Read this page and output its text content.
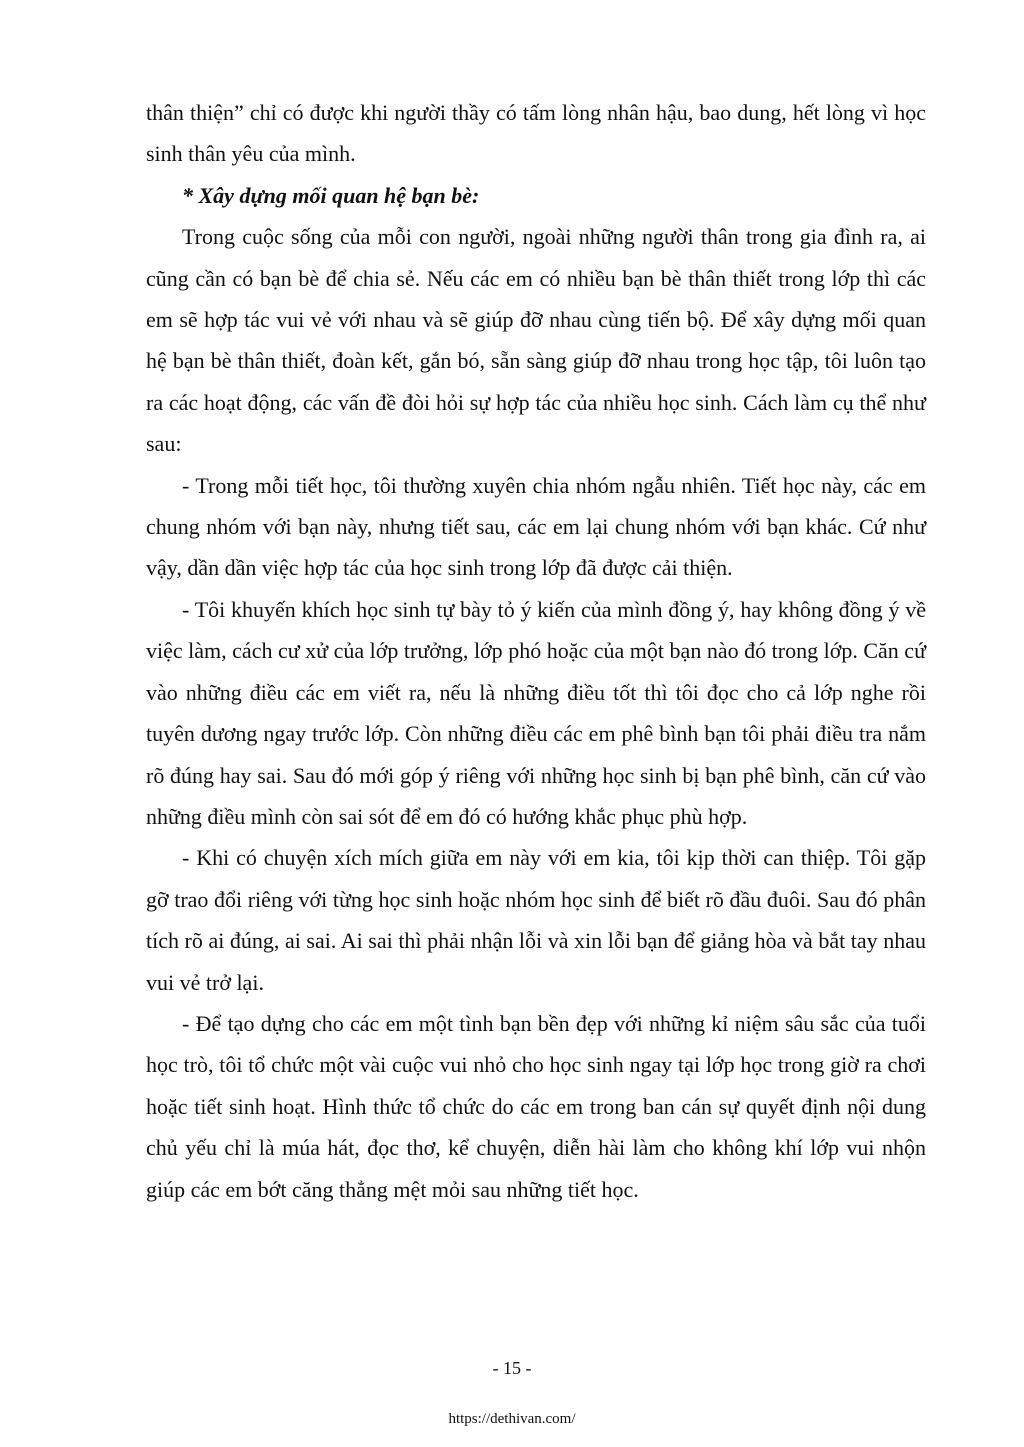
thân thiện” chỉ có được khi người thầy có tấm lòng nhân hậu, bao dung, hết lòng vì học sinh thân yêu của mình.

* Xây dựng mối quan hệ bạn bè:

Trong cuộc sống của mỗi con người, ngoài những người thân trong gia đình ra, ai cũng cần có bạn bè để chia sẻ. Nếu các em có nhiều bạn bè thân thiết trong lớp thì các em sẽ hợp tác vui vẻ với nhau và sẽ giúp đỡ nhau cùng tiến bộ. Để xây dựng mối quan hệ bạn bè thân thiết, đoàn kết, gắn bó, sẵn sàng giúp đỡ nhau trong học tập, tôi luôn tạo ra các hoạt động, các vấn đề đòi hỏi sự hợp tác của nhiều học sinh. Cách làm cụ thể như sau:

- Trong mỗi tiết học, tôi thường xuyên chia nhóm ngẫu nhiên. Tiết học này, các em chung nhóm với bạn này, nhưng tiết sau, các em lại chung nhóm với bạn khác. Cứ như vậy, dần dần việc hợp tác của học sinh trong lớp đã được cải thiện.

- Tôi khuyến khích học sinh tự bày tỏ ý kiến của mình đồng ý, hay không đồng ý về việc làm, cách cư xử của lớp trưởng, lớp phó hoặc của một bạn nào đó trong lớp. Căn cứ vào những điều các em viết ra, nếu là những điều tốt thì tôi đọc cho cả lớp nghe rồi tuyên dương ngay trước lớp. Còn những điều các em phê bình bạn tôi phải điều tra nắm rõ đúng hay sai. Sau đó mới góp ý riêng với những học sinh bị bạn phê bình, căn cứ vào những điều mình còn sai sót để em đó có hướng khắc phục phù hợp.

- Khi có chuyện xích mích giữa em này với em kia, tôi kịp thời can thiệp. Tôi gặp gỡ trao đổi riêng với từng học sinh hoặc nhóm học sinh để biết rõ đầu đuôi. Sau đó phân tích rõ ai đúng, ai sai. Ai sai thì phải nhận lỗi và xin lỗi bạn để giảng hòa và bắt tay nhau vui vẻ trở lại.

- Để tạo dựng cho các em một tình bạn bền đẹp với những kỉ niệm sâu sắc của tuổi học trò, tôi tổ chức một vài cuộc vui nhỏ cho học sinh ngay tại lớp học trong giờ ra chơi hoặc tiết sinh hoạt. Hình thức tổ chức do các em trong ban cán sự quyết định nội dung chủ yếu chỉ là múa hát, đọc thơ, kể chuyện, diễn hài làm cho không khí lớp vui nhộn giúp các em bớt căng thẳng mệt mỏi sau những tiết học.

- 15 -
https://dethivan.com/
